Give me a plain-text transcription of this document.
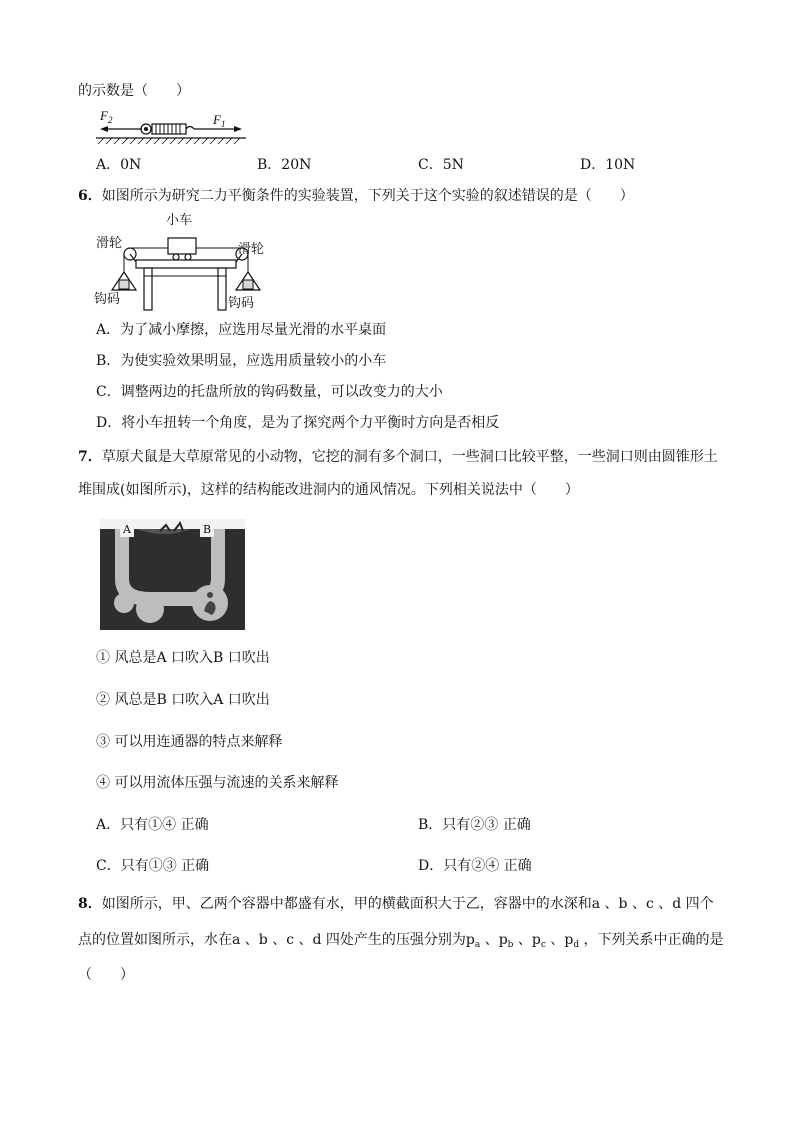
的示数是（　　）
$F_2$	$F_1$
A．0N	B．20N	C．5N	D．10N
6．如图所示为研究二力平衡条件的实验装置，下列关于这个实验的叙述错误的是（　　）
小车
滑轮	滑轮
钩码	钩码
A．为了减小摩擦，应选用尽量光滑的水平桌面
B．为使实验效果明显，应选用质量较小的小车
C．调整两边的托盘所放的钩码数量，可以改变力的大小
D．将小车扭转一个角度，是为了探究两个力平衡时方向是否相反
7．草原犬鼠是大草原常见的小动物，它挖的洞有多个洞口，一些洞口比较平整，一些洞口则由圆锥形土
堆围成(如图所示)，这样的结构能改进洞内的通风情况。下列相关说法中（　　）
A	B
① 风总是A 口吹入B 口吹出
② 风总是B 口吹入A 口吹出
③ 可以用连通器的特点来解释
④ 可以用流体压强与流速的关系来解释
A．只有①④ 正确	B．只有②③ 正确
C．只有①③ 正确	D．只有②④ 正确
8．如图所示，甲、乙两个容器中都盛有水，甲的横截面积大于乙，容器中的水深和a 、b 、c 、d 四个
点的位置如图所示，水在a 、b 、c 、d 四处产生的压强分别为$p_a$ 、$p_b$ 、$p_c$ 、$p_d$ ，下列关系中正确的是
（　　）
